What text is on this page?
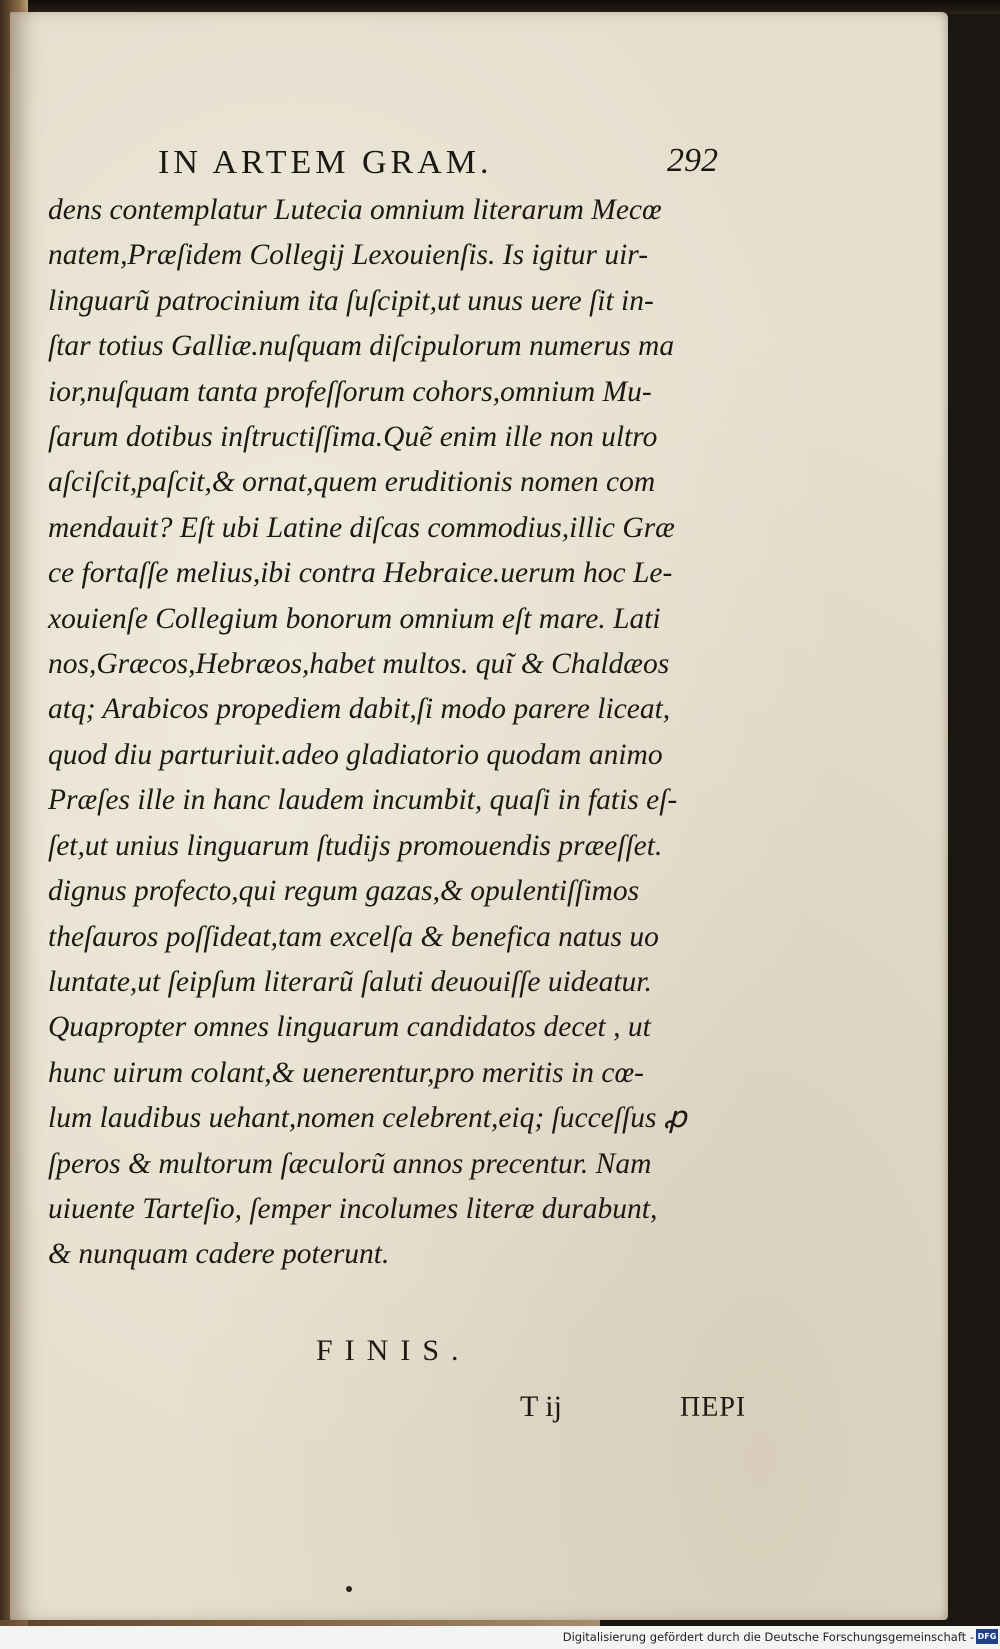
IN ARTEM GRAM.	292
dens contemplatur Lutecia omnium literarum Mecœ
natem,Præſidem Collegij Lexouienſis. Is igitur uir-
linguarũ patrocinium ita ſuſcipit,ut unus uere ſit in-
ſtar totius Galliæ.nuſquam diſcipulorum numerus ma
ior,nuſquam tanta profeſſorum cohors,omnium Mu-
ſarum dotibus inſtructiſſima.Quẽ enim ille non ultro
aſciſcit,paſcit,& ornat,quem eruditionis nomen com
mendauit? Eſt ubi Latine diſcas commodius,illic Græ
ce fortaſſe melius,ibi contra Hebraice.uerum hoc Le-
xouienſe Collegium bonorum omnium eſt mare. Lati
nos,Græcos,Hebræos,habet multos. quĩ & Chaldæos
atq; Arabicos propediem dabit,ſi modo parere liceat,
quod diu parturiuit.adeo gladiatorio quodam animo
Præſes ille in hanc laudem incumbit, quaſi in fatis eſ-
ſet,ut unius linguarum ſtudijs promouendis præeſſet.
dignus profecto,qui regum gazas,& opulentiſſimos
theſauros poſſideat,tam excelſa & benefica natus uo
luntate,ut ſeipſum literarũ ſaluti deuouiſſe uideatur.
Quapropter omnes linguarum candidatos decet , ut
hunc uirum colant,& uenerentur,pro meritis in cœ-
lum laudibus uehant,nomen celebrent,eiq; ſucceſſus ꝓ
ſperos & multorum ſæculorũ annos precentur. Nam
uiuente Tarteſio, ſemper incolumes literæ durabunt,
& nunquam cadere poterunt.
FINIS.
T ij	ΠΕΡΙ
Digitalisierung gefördert durch die Deutsche Forschungsgemeinschaft - DFG
